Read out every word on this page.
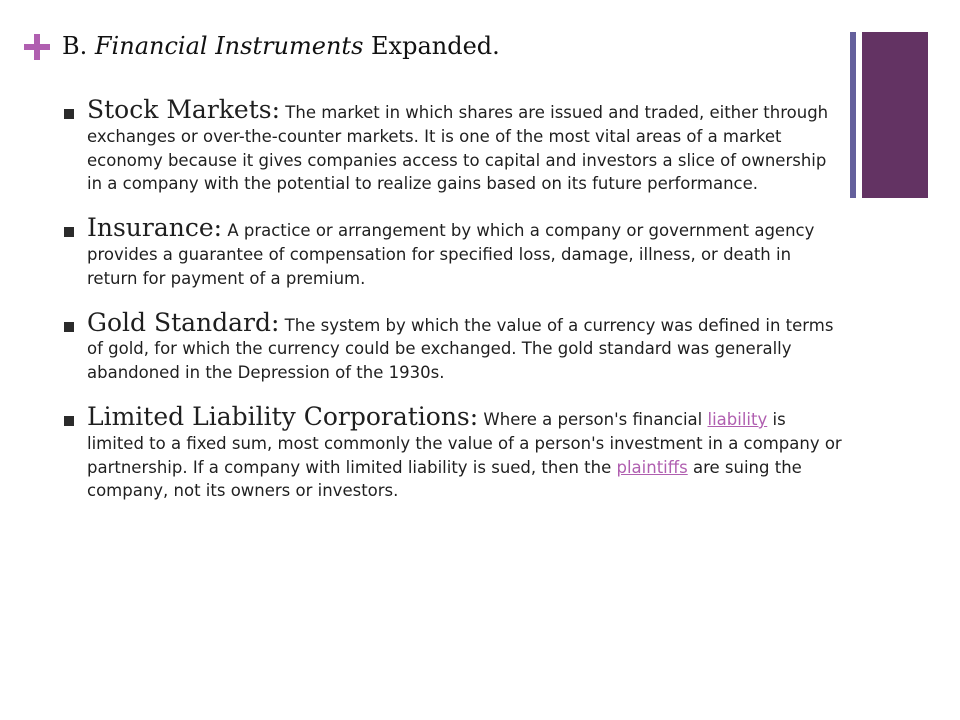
B. Financial Instruments Expanded.
Stock Markets: The market in which shares are issued and traded, either through exchanges or over-the-counter markets. It is one of the most vital areas of a market economy because it gives companies access to capital and investors a slice of ownership in a company with the potential to realize gains based on its future performance.
Insurance: A practice or arrangement by which a company or government agency provides a guarantee of compensation for specified loss, damage, illness, or death in return for payment of a premium.
Gold Standard: The system by which the value of a currency was defined in terms of gold, for which the currency could be exchanged. The gold standard was generally abandoned in the Depression of the 1930s.
Limited Liability Corporations: Where a person's financial liability is limited to a fixed sum, most commonly the value of a person's investment in a company or partnership. If a company with limited liability is sued, then the plaintiffs are suing the company, not its owners or investors.
